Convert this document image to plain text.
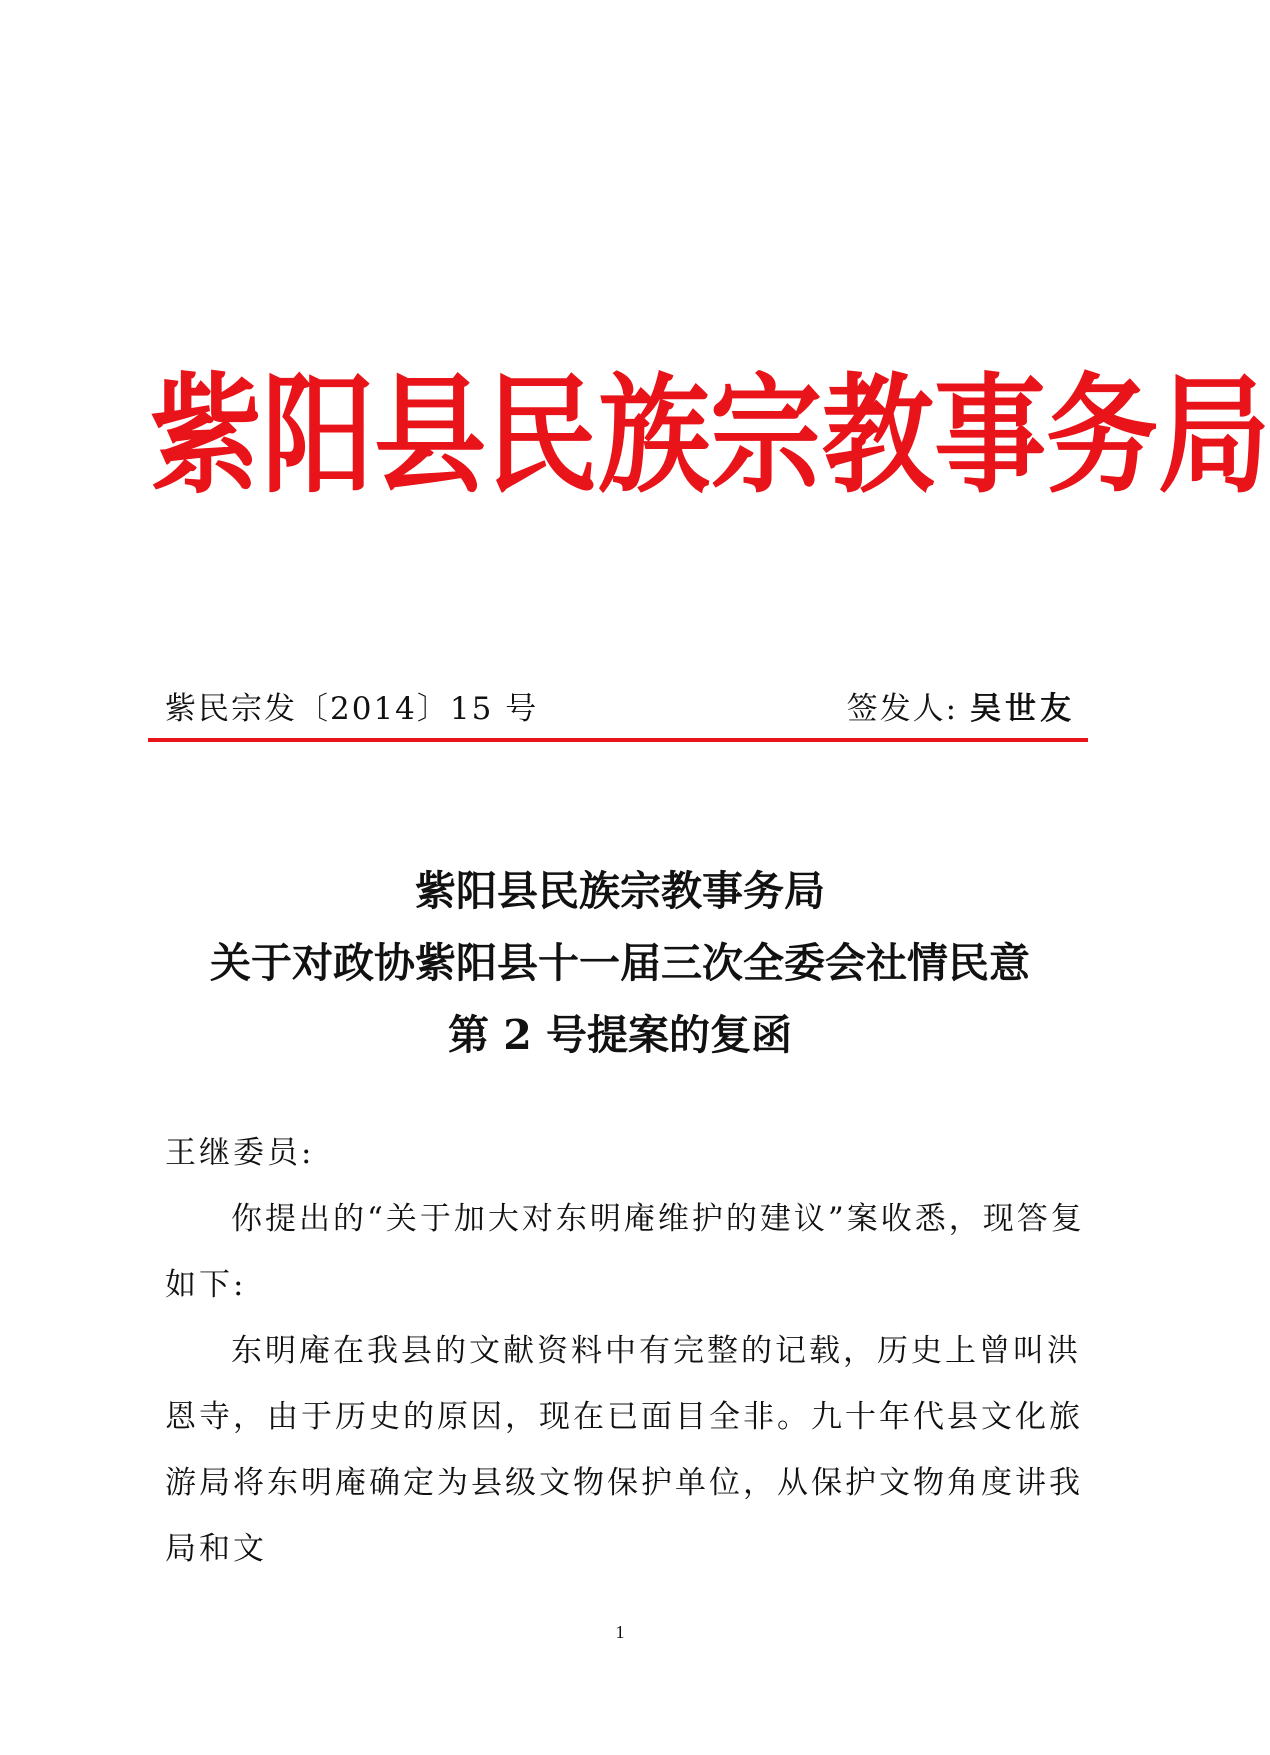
紫 阳 县 民 族 宗 教 事 务 局
紫民宗发〔2014〕15 号	签发人: 吴世友
紫阳县民族宗教事务局
关于对政协紫阳县十一届三次全委会社情民意
第 2 号提案的复函

王继委员:

你提出的“关于加大对东明庵维护的建议”案收悉，现答复如下:

东明庵在我县的文献资料中有完整的记载，历史上曾叫洪恩寺，由于历史的原因，现在已面目全非。九十年代县文化旅游局将东明庵确定为县级文物保护单位，从保护文物角度讲我局和文

1
